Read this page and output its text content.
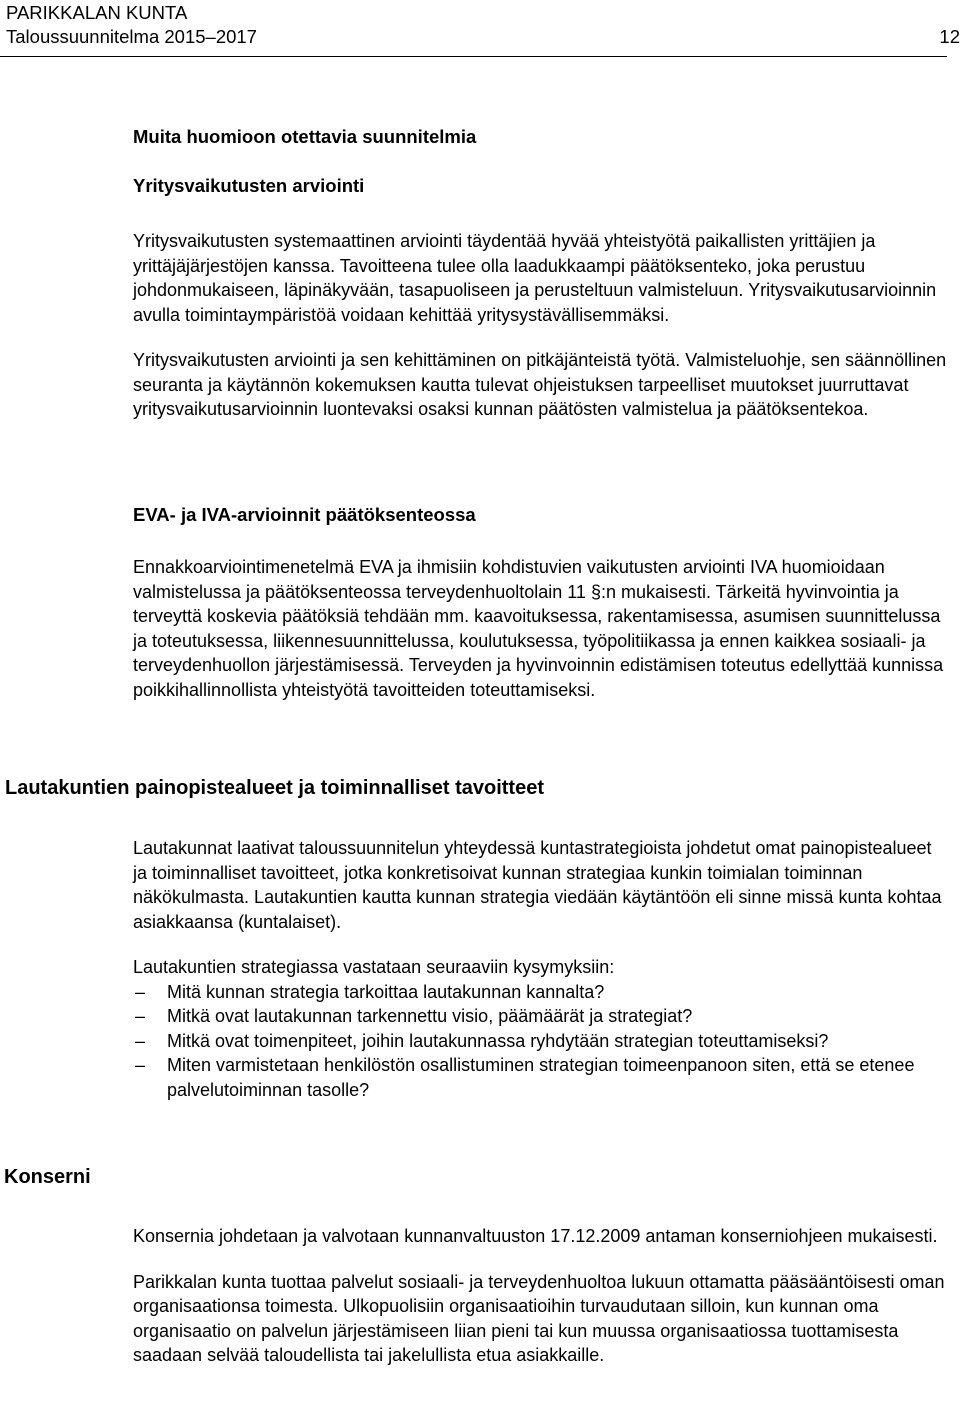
PARIKKALAN KUNTA
Taloussuunnitelma 2015–2017	12

Muita huomioon otettavia suunnitelmia

Yritysvaikutusten arviointi

Yritysvaikutusten systemaattinen arviointi täydentää hyvää yhteistyötä paikallisten yrittäjien ja yrittäjäjärjestöjen kanssa. Tavoitteena tulee olla laadukkaampi päätöksenteko, joka perustuu johdonmukaiseen, läpinäkyvään, tasapuoliseen ja perusteltuun valmisteluun. Yritysvaikutusarvioinnin avulla toimintaympäristöä voidaan kehittää yritysystävällisemmäksi.

Yritysvaikutusten arviointi ja sen kehittäminen on pitkäjänteistä työtä. Valmisteluohje, sen säännöllinen seuranta ja käytännön kokemuksen kautta tulevat ohjeistuksen tarpeelliset muutokset juurruttavat yritysvaikutusarvioinnin luontevaksi osaksi kunnan päätösten valmistelua ja päätöksentekoa.

EVA- ja IVA-arvioinnit päätöksenteossa

Ennakkoarviointimenetelmä EVA ja ihmisiin kohdistuvien vaikutusten arviointi IVA huomioidaan valmistelussa ja päätöksenteossa terveydenhuoltolain 11 §:n mukaisesti. Tärkeitä hyvinvointia ja terveyttä koskevia päätöksiä tehdään mm. kaavoituksessa, rakentamisessa, asumisen suunnittelussa ja toteutuksessa, liikennesuunnittelussa, koulutuksessa, työpolitiikassa ja ennen kaikkea sosiaali- ja terveydenhuollon järjestämisessä. Terveyden ja hyvinvoinnin edistämisen toteutus edellyttää kunnissa poikkihallinnollista yhteistyötä tavoitteiden toteuttamiseksi.

Lautakuntien painopistealueet ja toiminnalliset tavoitteet

Lautakunnat laativat taloussuunnitelun yhteydessä kuntastrategioista johdetut omat painopistealueet ja toiminnalliset tavoitteet, jotka konkretisoivat kunnan strategiaa kunkin toimialan toiminnan näkökulmasta. Lautakuntien kautta kunnan strategia viedään käytäntöön eli sinne missä kunta kohtaa asiakkaansa (kuntalaiset).

Lautakuntien strategiassa vastataan seuraaviin kysymyksiin:

– Mitä kunnan strategia tarkoittaa lautakunnan kannalta?
– Mitkä ovat lautakunnan tarkennettu visio, päämäärät ja strategiat?
– Mitkä ovat toimenpiteet, joihin lautakunnassa ryhdytään strategian toteuttamiseksi?
– Miten varmistetaan henkilöstön osallistuminen strategian toimeenpanoon siten, että se etenee palvelutoiminnan tasolle?
Konserni

Konsernia johdetaan ja valvotaan kunnanvaltuuston 17.12.2009 antaman konserniohjeen mukaisesti.

Parikkalan kunta tuottaa palvelut sosiaali- ja terveydenhuoltoa lukuun ottamatta pääsääntöisesti oman organisaationsa toimesta. Ulkopuolisiin organisaatioihin turvaudutaan silloin, kun kunnan oma organisaatio on palvelun järjestämiseen liian pieni tai kun muussa organisaatiossa tuottamisesta saadaan selvää taloudellista tai jakelullista etua asiakkaille.
